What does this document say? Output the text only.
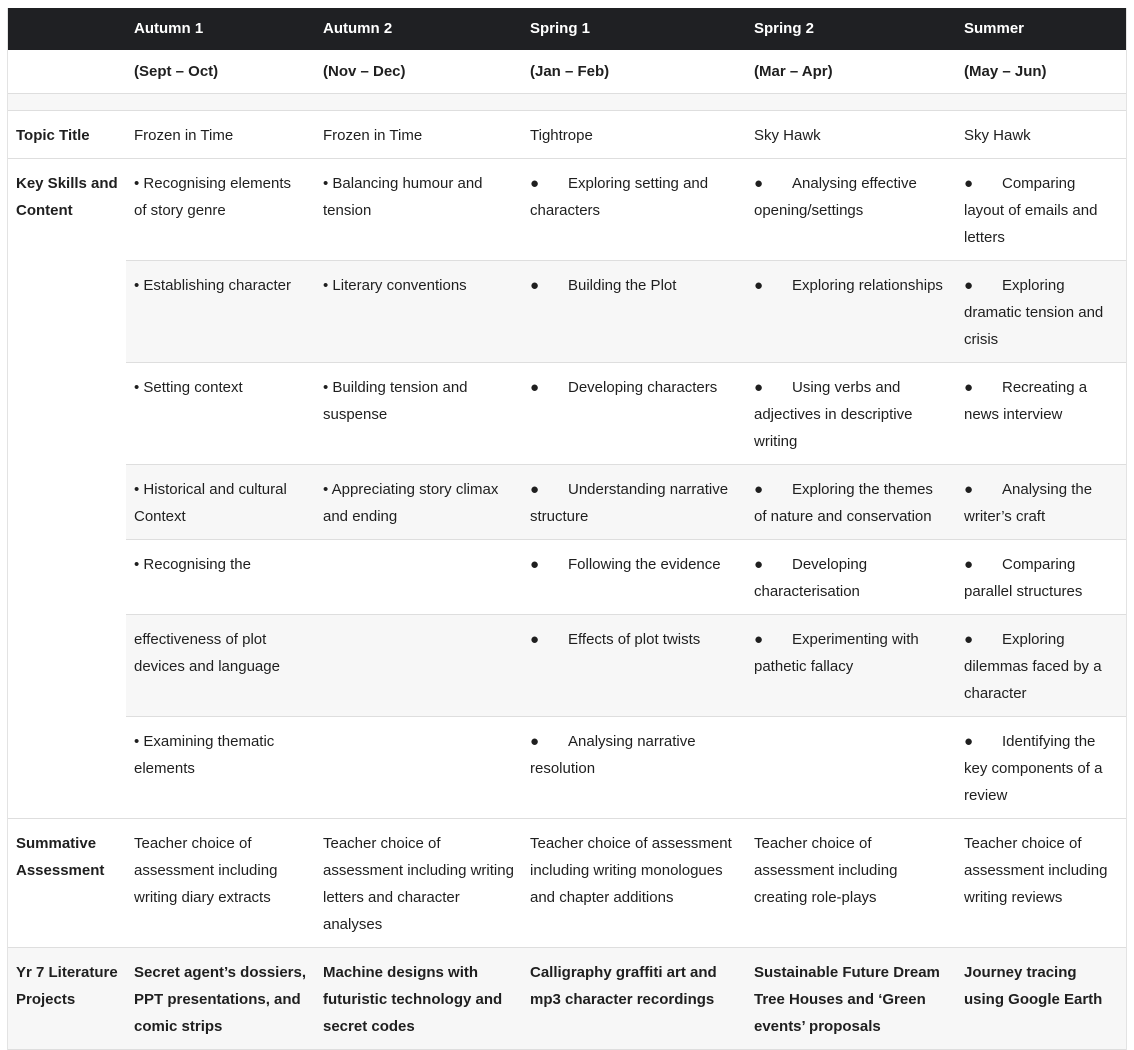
	Autumn 1	Autumn 2	Spring 1	Spring 2	Summer
	(Sept – Oct)	(Nov – Dec)	(Jan – Feb)	(Mar – Apr)	(May – Jun)

Topic Title	Frozen in Time	Frozen in Time	Tightrope	Sky Hawk	Sky Hawk
Key Skills and Content	• Recognising elements of story genre	• Balancing humour and tension	● Exploring setting and characters	● Analysing effective opening/settings	● Comparing layout of emails and letters
	• Establishing character	• Literary conventions	● Building the Plot	● Exploring relationships	● Exploring dramatic tension and crisis
	• Setting context	• Building tension and suspense	● Developing characters	● Using verbs and adjectives in descriptive writing	● Recreating a news interview
	• Historical and cultural Context	• Appreciating story climax and ending	● Understanding narrative structure	● Exploring the themes of nature and conservation	● Analysing the writer’s craft
	• Recognising the		● Following the evidence	● Developing characterisation	● Comparing parallel structures
	effectiveness of plot devices and language		● Effects of plot twists	● Experimenting with pathetic fallacy	● Exploring dilemmas faced by a character
	• Examining thematic elements		● Analysing narrative resolution		● Identifying the key components of a review
Summative Assessment	Teacher choice of assessment including writing diary extracts	Teacher choice of assessment including writing letters and character analyses	Teacher choice of assessment including writing monologues and chapter additions	Teacher choice of assessment including creating role-plays	Teacher choice of assessment including writing reviews
Yr 7 Literature Projects	Secret agent’s dossiers, PPT presentations, and comic strips	Machine designs with futuristic technology and secret codes	Calligraphy graffiti art and mp3 character recordings	Sustainable Future Dream Tree Houses and ‘Green events’ proposals	Journey tracing using Google Earth
